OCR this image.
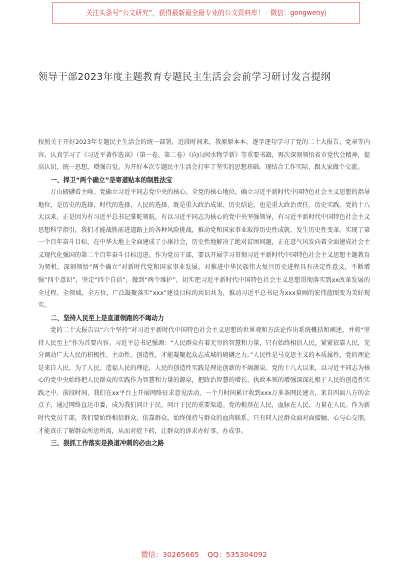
关注头条号“公文研究”，获得最新最全最专业的公文资料库！ 微信：gongwenyj
领导干部2023年度主题教育专题民主生活会会前学习研讨发言提纲

按照关于开好2023年专题民主生活会的统一部署，近段时间来，我原原本本、逐字逐句学习了党的二十大报告、党章等内容，认真学习了《习近平著作选读》（第一卷、第二卷）《向山间水物学新》等重要书籍，再次深刻领悟省市党代会精神，提高认识，统一思想，增强自觉。为开好本次专题民主生活会打牢了坚实的思想基础。现结合工作实际，跟大家做个交流。

一、捍卫“两个确立”是寄道贴本的制胜法宝

万山磅礴看主峰。党确立习近平同志党中央的核心、全党的核心地位，确立习近平新时代中国特色社会主义思想的指导地位，是历史的选择，时代的选择，人民的选择，既是重大政治成果、历史结论，也是重大政治责任、历史实践。党的十八大以来，正是因为有习近平总书记掌舵领航，有以习近平同志为核心的党中央坚强领导，有习近平新时代中国特色社会主义思想科学指引，我们才能战胜前进道路上的各种风险挑战，推动党和国家事业取得历史性成就、发生历史性变革。实现了第一个百年奋斗目标，在中华大地上全面建成了小康社会，历史性地解决了绝对贫困问题，正在意气风发向着全面建成社会主义现代化强国的第二个百年奋斗目标迈进。作为党员干部，要以开展学习贯彻习近平新时代中国特色社会主义思想主题教育为契机，深刻领悟“两个确立”对新时代党和国家事业发展、对推进中华民族伟大复兴历史进程具有决定性意义，不断增强“四个意识”，坚定“四个自信”，做到“两个维护”，切实把习近平新时代中国特色社会主义思想贯彻落实到xx改革发展的全过程、全领域、全方位，广泛凝聚落实“xxx”建设目标的共识共为，推动习近平总书记为xxx量画的宏伟蓝图变为美好现实。

二、坚持人民至上是直道领跑的不竭动力

党的二十大报告以“六个坚持”对习近平新时代中国特色社会主义思想的世界观和方法论作出系统概括和阐述，并将“坚持人民至上”作为首要内容。习近平总书记强调：“人民群众有着无穷的智慧和力量，只有始终相信人民，紧紧依靠人民，充分调动广大人民的积极性、主动性、创造性，才能凝聚起众志成城的磅礴之力。”人民性是马克思主义的本质属性，党的理论是来自人民、为了人民、造福人民的理论，人民的创造性实践是理论创新的不竭源泉。党的十八大以来，以习近平同志为核心的党中央始终把人民群众的实践作为智慧和力量的源泉，把政治智慧的增长、执政本领的增强深深扎根于人民的创造性实践之中。前段时间，我们在xx平台上开展网络征求意见活动，一个月时间累计收到xxx万多条网民建言，来自四面八方的金点子，通过网络直达市委，成为我们问计于民、问计于民的重要渠道。党的根基在人民，血脉在人民、力量在人民。作为新时代党员干部，我们要始终相信群众、依靠群众，始终保持与群众的血肉联系，只有同人民群众面对面接触、心与心交朋，才能真正了解群众所思所需，从而对症下药，让群众的诉求办好事、办成事。

三、狠抓工作落实是换道冲刺的必由之路
微信：30265665 QQ：535304092
